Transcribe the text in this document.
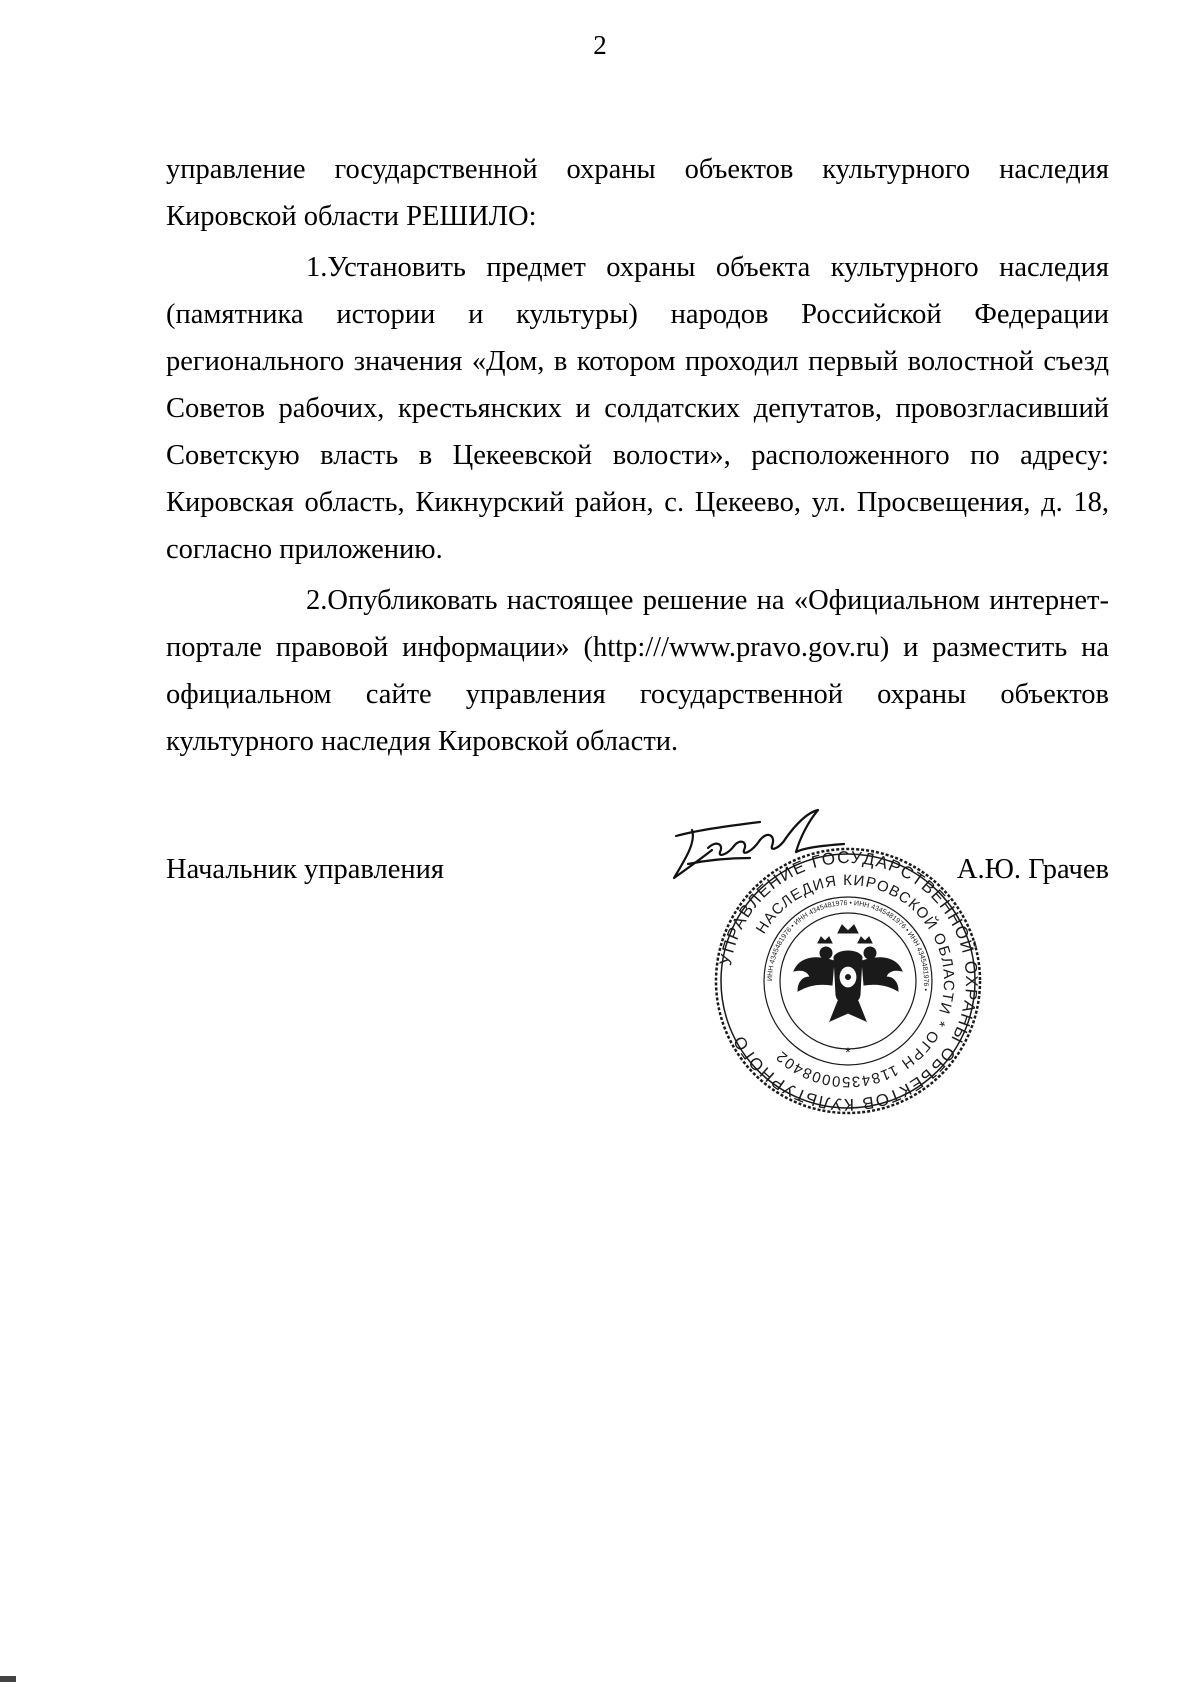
2

управление государственной охраны объектов культурного наследия Кировской области РЕШИЛО:

1.Установить предмет охраны объекта культурного наследия (памятника истории и культуры) народов Российской Федерации регионального значения «Дом, в котором проходил первый волостной съезд Советов рабочих, крестьянских и солдатских депутатов, провозгласивший Советскую власть в Цекеевской волости», расположенного по адресу: Кировская область, Кикнурский район, с. Цекеево, ул. Просвещения, д. 18, согласно приложению.

2.Опубликовать настоящее решение на «Официальном интернет-портале правовой информации» (http:///www.pravo.gov.ru) и разместить на официальном сайте управления государственной охраны объектов культурного наследия Кировской области.

Начальник управления	А.Ю. Грачев
УПРАВЛЕНИЕ ГОСУДАРСТВЕННОЙ ОХРАНЫ ОБЪЕКТОВ КУЛЬТУРНОГО
НАСЛЕДИЯ КИРОВСКОЙ ОБЛАСТИ * ОГРН 1184350008402
ИНН 4345481976 • ИНН 4345481976 • ИНН 4345481976 • ИНН 4345481976 •
*
